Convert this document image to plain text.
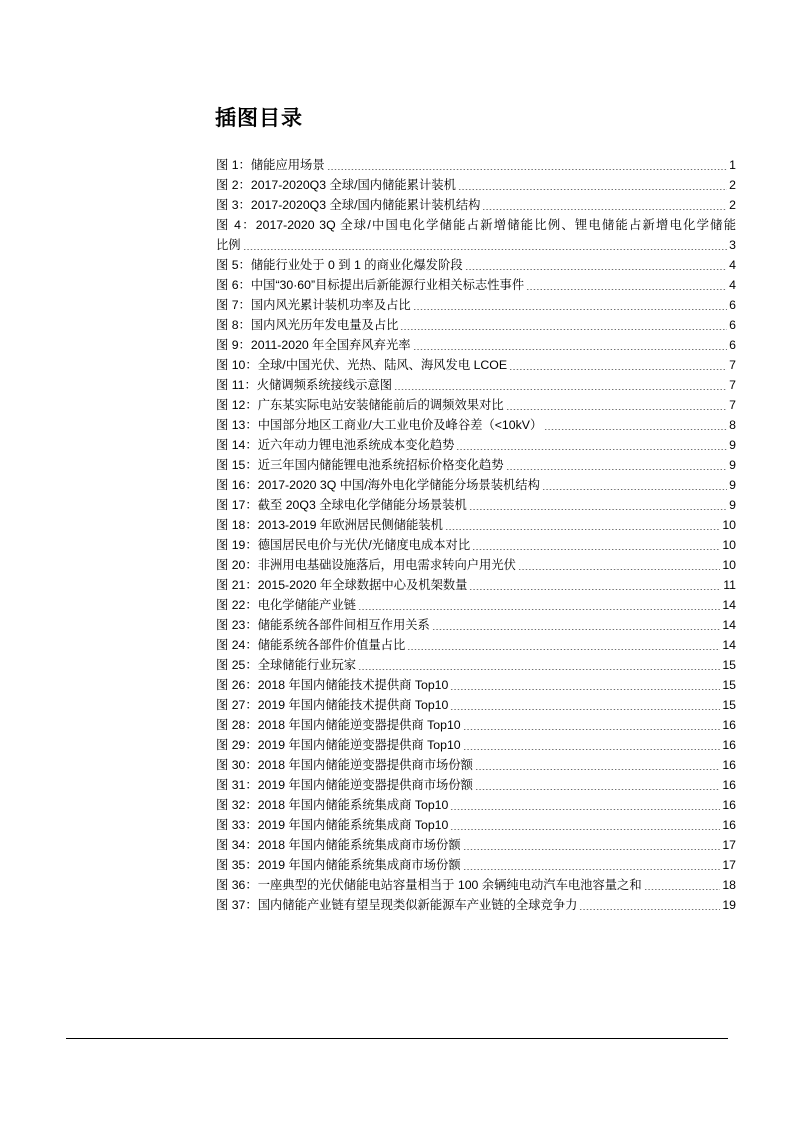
插图目录
图 1：储能应用场景	1
图 2：2017-2020Q3 全球/国内储能累计装机	2
图 3：2017-2020Q3 全球/国内储能累计装机结构	2
图 4：2017-2020 3Q 全球/中国电化学储能占新增储能比例、锂电储能占新增电化学储能
比例	3
图 5：储能行业处于 0 到 1 的商业化爆发阶段	4
图 6：中国“30·60”目标提出后新能源行业相关标志性事件	4
图 7：国内风光累计装机功率及占比	6
图 8：国内风光历年发电量及占比	6
图 9：2011-2020 年全国弃风弃光率	6
图 10：全球/中国光伏、光热、陆风、海风发电 LCOE	7
图 11：火储调频系统接线示意图	7
图 12：广东某实际电站安装储能前后的调频效果对比	7
图 13：中国部分地区工商业/大工业电价及峰谷差（<10kV）	8
图 14：近六年动力锂电池系统成本变化趋势	9
图 15：近三年国内储能锂电池系统招标价格变化趋势	9
图 16：2017-2020 3Q 中国/海外电化学储能分场景装机结构	9
图 17：截至 20Q3 全球电化学储能分场景装机	9
图 18：2013-2019 年欧洲居民侧储能装机	10
图 19：德国居民电价与光伏/光储度电成本对比	10
图 20：非洲用电基础设施落后，用电需求转向户用光伏	10
图 21：2015-2020 年全球数据中心及机架数量	11
图 22：电化学储能产业链	14
图 23：储能系统各部件间相互作用关系	14
图 24：储能系统各部件价值量占比	14
图 25：全球储能行业玩家	15
图 26：2018 年国内储能技术提供商 Top10	15
图 27：2019 年国内储能技术提供商 Top10	15
图 28：2018 年国内储能逆变器提供商 Top10	16
图 29：2019 年国内储能逆变器提供商 Top10	16
图 30：2018 年国内储能逆变器提供商市场份额	16
图 31：2019 年国内储能逆变器提供商市场份额	16
图 32：2018 年国内储能系统集成商 Top10	16
图 33：2019 年国内储能系统集成商 Top10	16
图 34：2018 年国内储能系统集成商市场份额	17
图 35：2019 年国内储能系统集成商市场份额	17
图 36：一座典型的光伏储能电站容量相当于 100 余辆纯电动汽车电池容量之和	18
图 37：国内储能产业链有望呈现类似新能源车产业链的全球竞争力	19
